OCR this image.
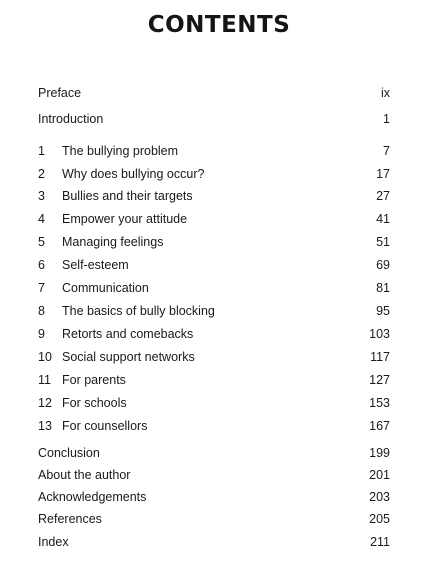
CONTENTS
Preface	ix
Introduction	1
1 The bullying problem	7
2 Why does bullying occur?	17
3 Bullies and their targets	27
4 Empower your attitude	41
5 Managing feelings	51
6 Self-esteem	69
7 Communication	81
8 The basics of bully blocking	95
9 Retorts and comebacks	103
10 Social support networks	117
11 For parents	127
12 For schools	153
13 For counsellors	167
Conclusion	199
About the author	201
Acknowledgements	203
References	205
Index	211
